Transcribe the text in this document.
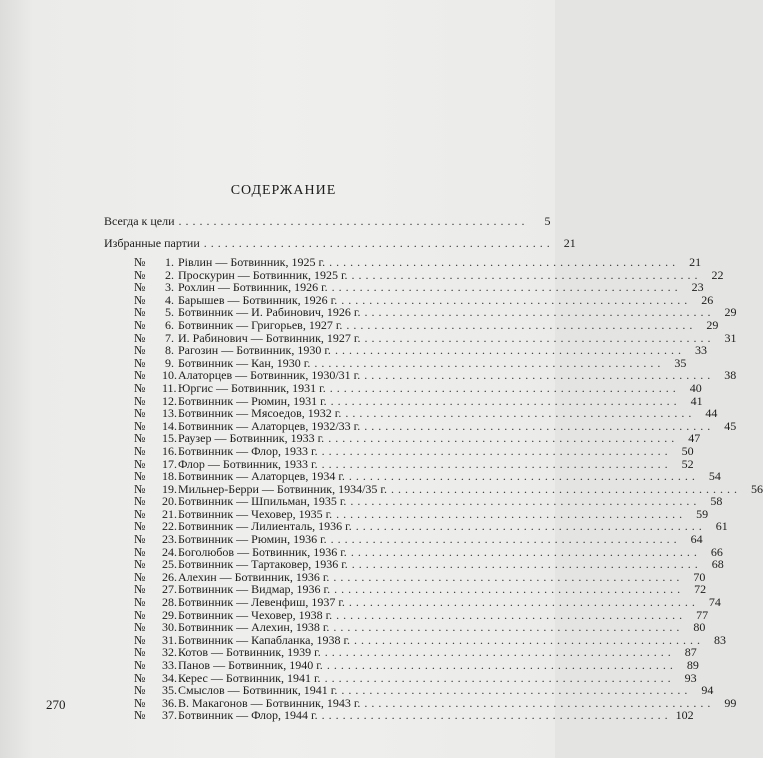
СОДЕРЖАНИЕ
Всегда к цели ..................................................	5
Избранные партии .................................................. 21
№	1. Рівлин — Ботвинник, 1925 г. .................................................. 21
№	2. Проскурин — Ботвинник, 1925 г. .................................................. 22
№	3. Рохлин — Ботвинник, 1926 г. .................................................. 23
№	4. Барышев — Ботвинник, 1926 г. .................................................. 26
№	5. Ботвинник — И. Рабинович, 1926 г. .................................................. 29
№	6. Ботвинник — Григорьев, 1927 г. .................................................. 29
№	7. И. Рабинович — Ботвинник, 1927 г. .................................................. 31
№	8. Рагозин — Ботвинник, 1930 г. .................................................. 33
№	9. Ботвинник — Кан, 1930 г. .................................................. 35
№	10. Алаторцев — Ботвинник, 1930/31 г. .................................................. 38
№	11. Юргис — Ботвинник, 1931 г. .................................................. 40
№	12. Ботвинник — Рюмин, 1931 г. .................................................. 41
№	13. Ботвинник — Мясоедов, 1932 г. .................................................. 44
№	14. Ботвинник — Алаторцев, 1932/33 г. .................................................. 45
№	15. Раузер — Ботвинник, 1933 г. .................................................. 47
№	16. Ботвинник — Флор, 1933 г. .................................................. 50
№	17. Флор — Ботвинник, 1933 г. .................................................. 52
№	18. Ботвинник — Алаторцев, 1934 г. .................................................. 54
№	19. Мильнер-Берри — Ботвинник, 1934/35 г. .................................................. 56
№	20. Ботвинник — Шпильман, 1935 г. .................................................. 58
№	21. Ботвинник — Чеховер, 1935 г. .................................................. 59
№	22. Ботвинник — Лилиенталь, 1936 г. .................................................. 61
№	23. Ботвинник — Рюмин, 1936 г. .................................................. 64
№	24. Боголюбов — Ботвинник, 1936 г. .................................................. 66
№	25. Ботвинник — Тартаковер, 1936 г. .................................................. 68
№	26. Алехин — Ботвинник, 1936 г. .................................................. 70
№	27. Ботвинник — Видмар, 1936 г. .................................................. 72
№	28. Ботвинник — Левенфиш, 1937 г. .................................................. 74
№	29. Ботвинник — Чеховер, 1938 г. .................................................. 77
№	30. Ботвинник — Алехин, 1938 г. .................................................. 80
№	31. Ботвинник — Капабланка, 1938 г. .................................................. 83
№	32. Котов — Ботвинник, 1939 г. .................................................. 87
№	33. Панов — Ботвинник, 1940 г. .................................................. 89
№	34. Керес — Ботвинник, 1941 г. .................................................. 93
№	35. Смыслов — Ботвинник, 1941 г. .................................................. 94
№	36. В. Макагонов — Ботвинник, 1943 г. .................................................. 99
№	37. Ботвинник — Флор, 1944 г. .................................................. 102
270
